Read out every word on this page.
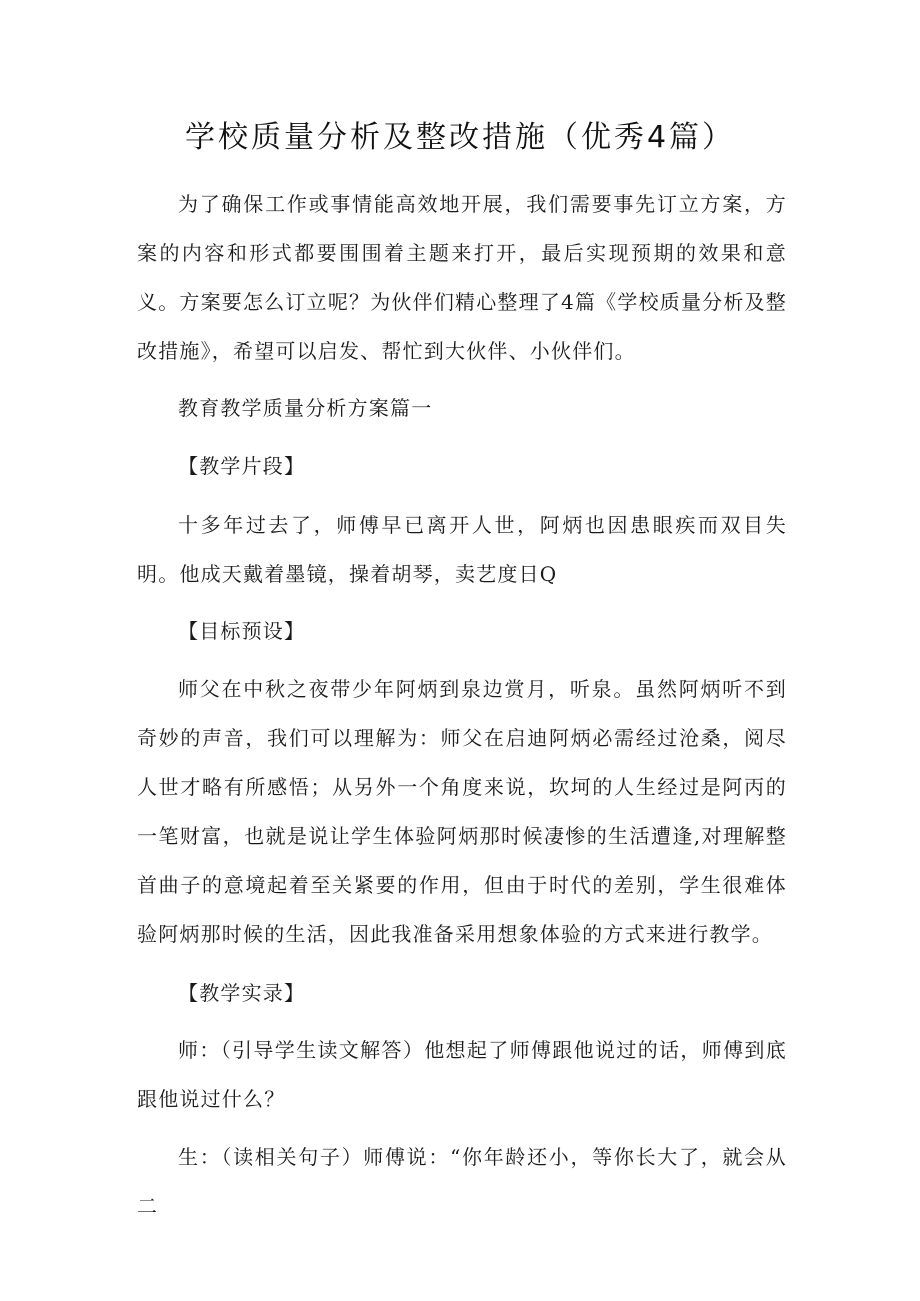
学校质量分析及整改措施（优秀4篇）

为了确保工作或事情能高效地开展，我们需要事先订立方案，方案的内容和形式都要围围着主题来打开，最后实现预期的效果和意义。方案要怎么订立呢？为伙伴们精心整理了4篇《学校质量分析及整改措施》，希望可以启发、帮忙到大伙伴、小伙伴们。

教育教学质量分析方案篇一

【教学片段】

十多年过去了，师傅早已离开人世，阿炳也因患眼疾而双目失明。他成天戴着墨镜，操着胡琴，卖艺度日Q

【目标预设】

师父在中秋之夜带少年阿炳到泉边赏月，听泉。虽然阿炳听不到奇妙的声音，我们可以理解为：师父在启迪阿炳必需经过沧桑，阅尽人世才略有所感悟；从另外一个角度来说，坎坷的人生经过是阿丙的一笔财富，也就是说让学生体验阿炳那时候凄惨的生活遭逢,对理解整首曲子的意境起着至关紧要的作用，但由于时代的差别，学生很难体验阿炳那时候的生活，因此我准备采用想象体验的方式来进行教学。

【教学实录】

师：（引导学生读文解答）他想起了师傅跟他说过的话，师傅到底跟他说过什么？

生：（读相关句子）师傅说：“你年龄还小，等你长大了，就会从二
